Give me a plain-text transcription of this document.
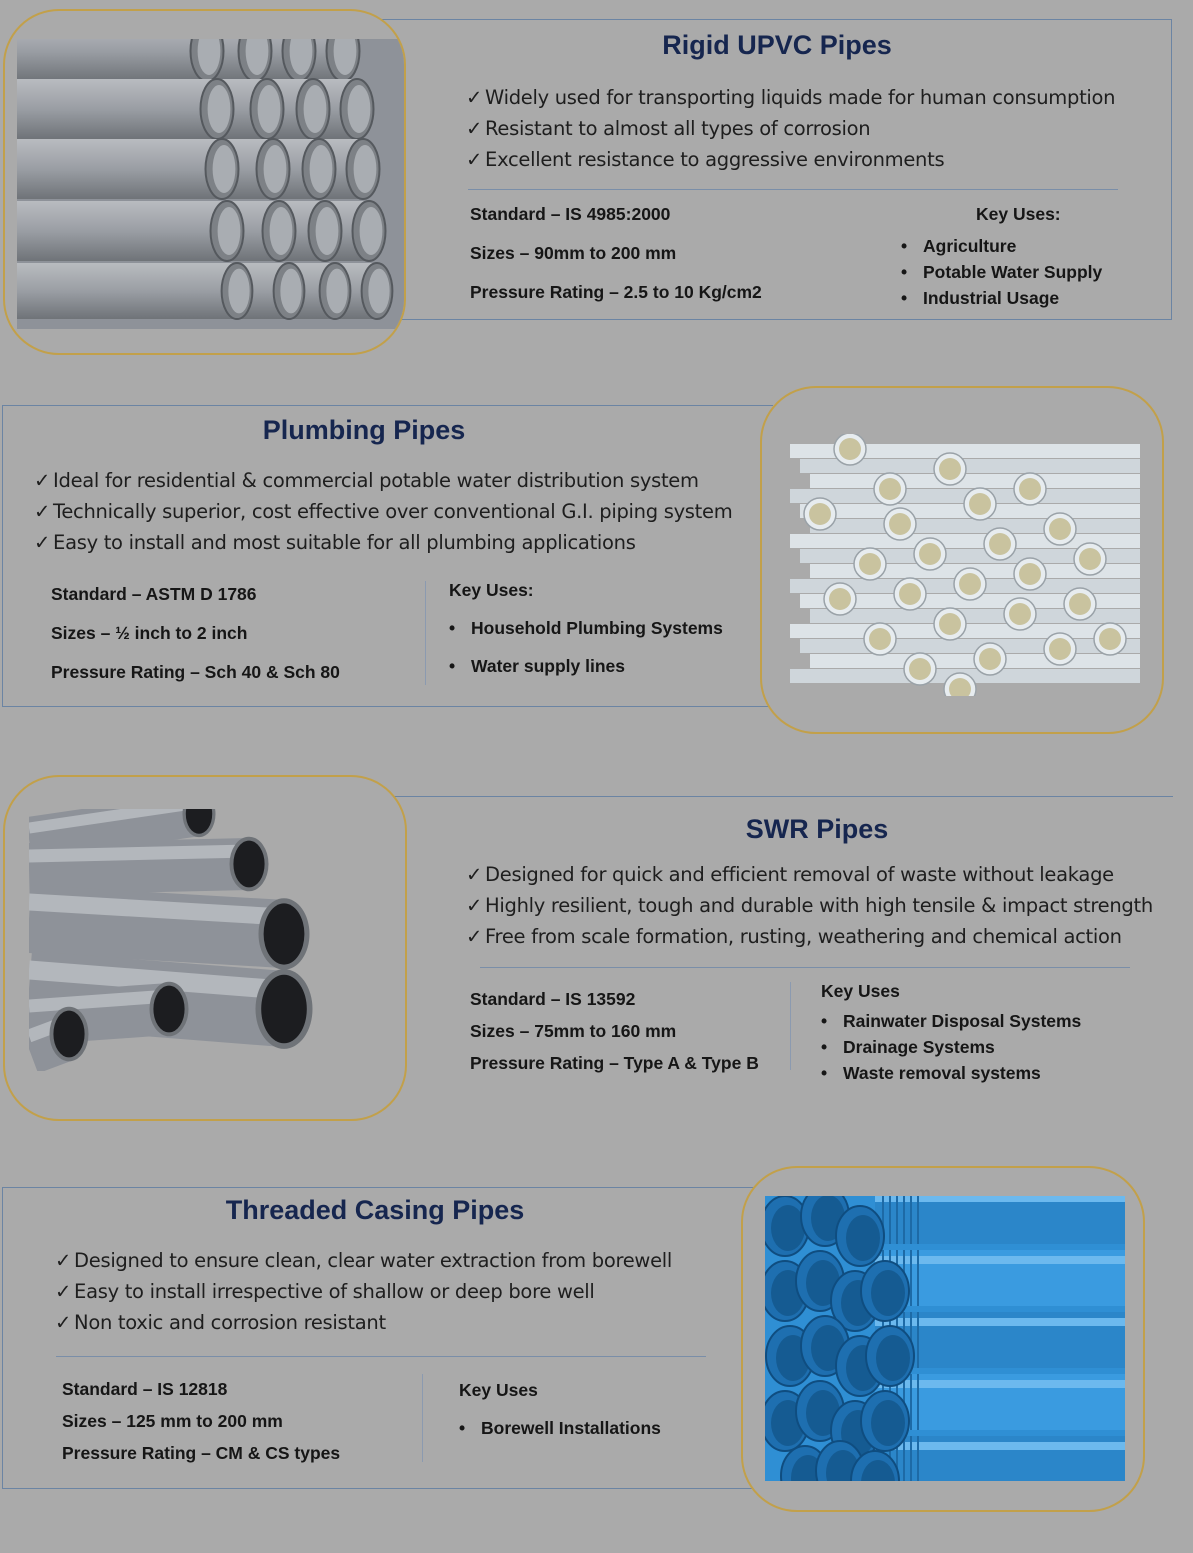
Rigid UPVC Pipes
✓ Widely used for transporting liquids made for human consumption
✓ Resistant to almost all types of corrosion
✓ Excellent resistance to aggressive environments
Standard – IS 4985:2000
Sizes – 90mm to 200 mm
Pressure Rating – 2.5 to 10 Kg/cm2
Key Uses:
• Agriculture
• Potable Water Supply
• Industrial Usage
Plumbing Pipes
✓ Ideal for residential & commercial potable water distribution system
✓ Technically superior, cost effective over conventional G.I. piping system
✓ Easy to install and most suitable for all plumbing applications
Standard – ASTM D 1786
Sizes – ½ inch to 2 inch
Pressure Rating – Sch 40 & Sch 80
Key Uses:
• Household Plumbing Systems
• Water supply lines
SWR Pipes
✓ Designed for quick and efficient removal of waste without leakage
✓ Highly resilient, tough and durable with high tensile & impact strength
✓ Free from scale formation, rusting, weathering and chemical action
Standard – IS 13592
Sizes – 75mm to 160 mm
Pressure Rating – Type A & Type B
Key Uses
• Rainwater Disposal Systems
• Drainage Systems
• Waste removal systems
Threaded Casing Pipes
✓ Designed to ensure clean, clear water extraction from borewell
✓ Easy to install irrespective of shallow or deep bore well
✓ Non toxic and corrosion resistant
Standard – IS 12818
Sizes – 125 mm to 200 mm
Pressure Rating – CM & CS types
Key Uses
• Borewell Installations
